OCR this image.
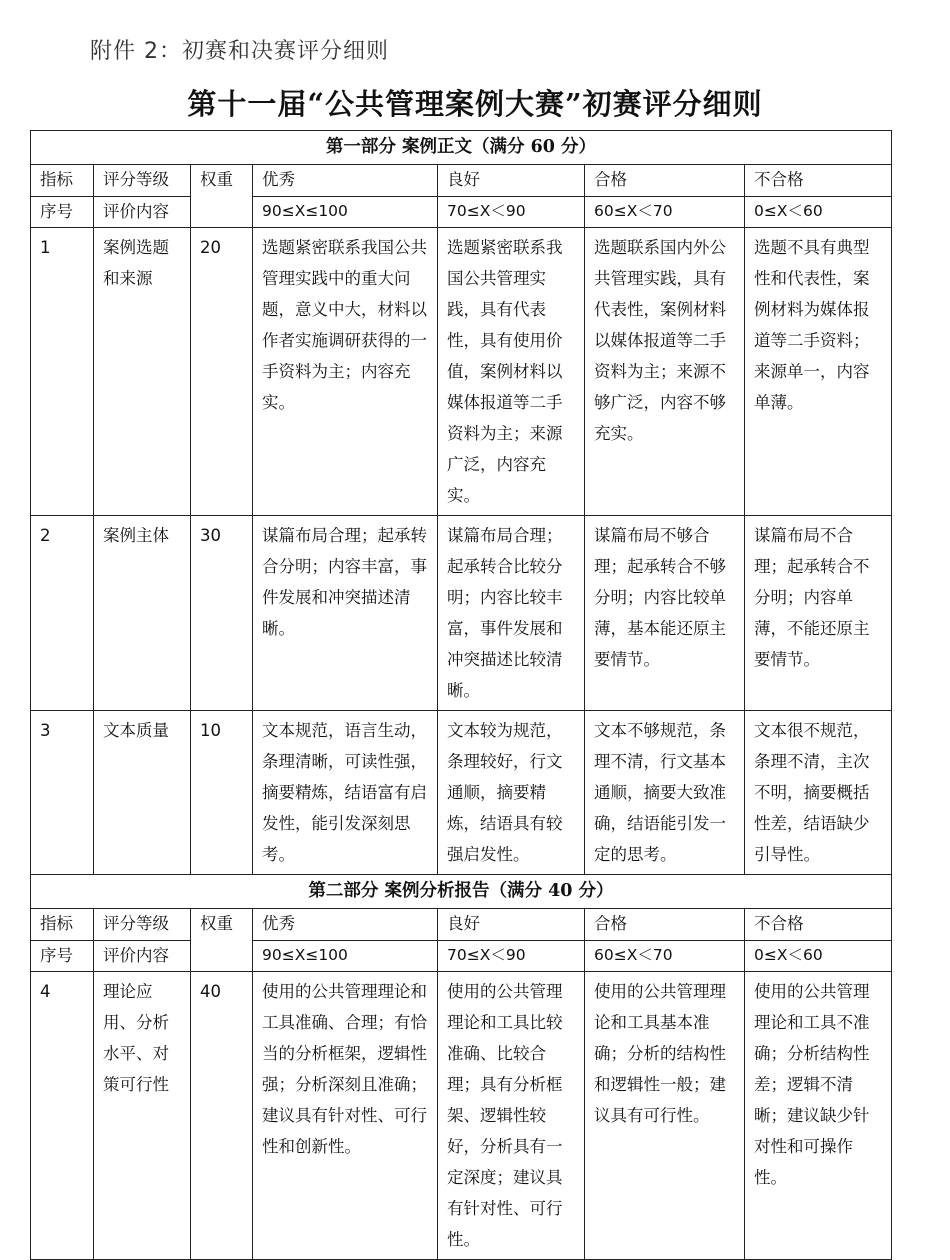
附件 2：初赛和决赛评分细则
第十一届“公共管理案例大赛”初赛评分细则
第一部分 案例正文（满分 60 分）						
指标	评分等级	权重	优秀	良好	合格	不合格
序号	评价内容		90≤X≤100	70≤X＜90	60≤X＜70	0≤X＜60
1	案例选题和来源	20	选题紧密联系我国公共管理实践中的重大问题，意义中大，材料以作者实施调研获得的一手资料为主；内容充实。	选题紧密联系我国公共管理实践，具有代表性，具有使用价值，案例材料以媒体报道等二手资料为主；来源广泛，内容充实。	选题联系国内外公共管理实践，具有代表性，案例材料以媒体报道等二手资料为主；来源不够广泛，内容不够充实。	选题不具有典型性和代表性，案例材料为媒体报道等二手资料；来源单一，内容单薄。
2	案例主体	30	谋篇布局合理；起承转合分明；内容丰富，事件发展和冲突描述清晰。	谋篇布局合理；起承转合比较分明；内容比较丰富，事件发展和冲突描述比较清晰。	谋篇布局不够合理；起承转合不够分明；内容比较单薄，基本能还原主要情节。	谋篇布局不合理；起承转合不分明；内容单薄，不能还原主要情节。
3	文本质量	10	文本规范，语言生动，条理清晰，可读性强，摘要精炼，结语富有启发性，能引发深刻思考。	文本较为规范，条理较好，行文通顺，摘要精炼，结语具有较强启发性。	文本不够规范，条理不清，行文基本通顺，摘要大致准确，结语能引发一定的思考。	文本很不规范，条理不清，主次不明，摘要概括性差，结语缺少引导性。
第二部分 案例分析报告（满分 40 分）						
指标	评分等级	权重	优秀	良好	合格	不合格
序号	评价内容		90≤X≤100	70≤X＜90	60≤X＜70	0≤X＜60
4	理论应用、分析水平、对策可行性	40	使用的公共管理理论和工具准确、合理；有恰当的分析框架，逻辑性强；分析深刻且准确；建议具有针对性、可行性和创新性。	使用的公共管理理论和工具比较准确、比较合理；具有分析框架、逻辑性较好，分析具有一定深度；建议具有针对性、可行性。	使用的公共管理理论和工具基本准确；分析的结构性和逻辑性一般；建议具有可行性。	使用的公共管理理论和工具不准确；分析结构性差；逻辑不清晰；建议缺少针对性和可操作性。
